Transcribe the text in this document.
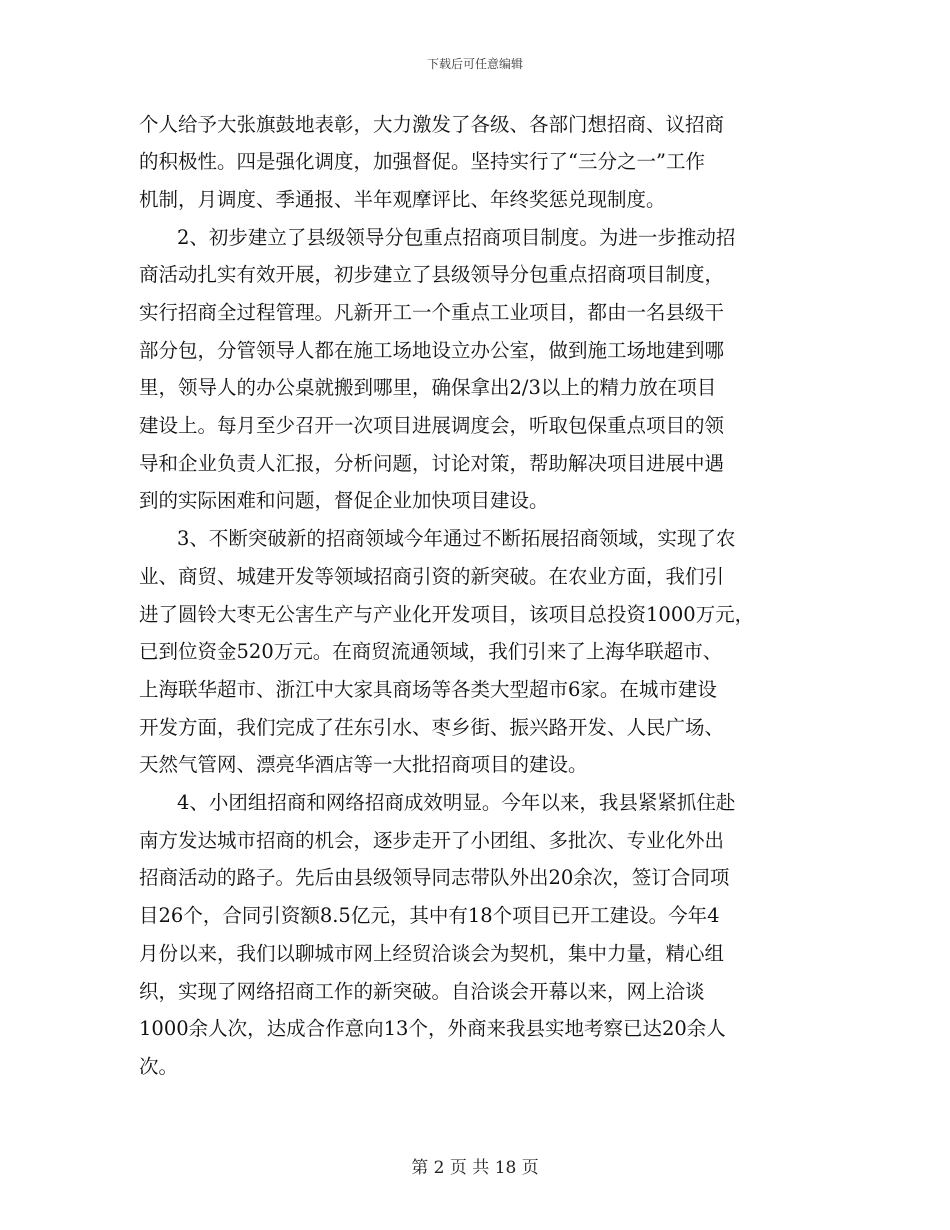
下载后可任意编辑
个人给予大张旗鼓地表彰，大力激发了各级、各部门想招商、议招商
的积极性。四是强化调度，加强督促。坚持实行了“三分之一”工作
机制，月调度、季通报、半年观摩评比、年终奖惩兑现制度。
2、初步建立了县级领导分包重点招商项目制度。为进一步推动招
商活动扎实有效开展，初步建立了县级领导分包重点招商项目制度，
实行招商全过程管理。凡新开工一个重点工业项目，都由一名县级干
部分包，分管领导人都在施工场地设立办公室，做到施工场地建到哪
里，领导人的办公桌就搬到哪里，确保拿出2/3以上的精力放在项目
建设上。每月至少召开一次项目进展调度会，听取包保重点项目的领
导和企业负责人汇报，分析问题，讨论对策，帮助解决项目进展中遇
到的实际困难和问题，督促企业加快项目建设。
3、不断突破新的招商领域今年通过不断拓展招商领域，实现了农
业、商贸、城建开发等领域招商引资的新突破。在农业方面，我们引
进了圆铃大枣无公害生产与产业化开发项目，该项目总投资1000万元，
已到位资金520万元。在商贸流通领域，我们引来了上海华联超市、
上海联华超市、浙江中大家具商场等各类大型超市6家。在城市建设
开发方面，我们完成了茌东引水、枣乡街、振兴路开发、人民广场、
天然气管网、漂亮华酒店等一大批招商项目的建设。
4、小团组招商和网络招商成效明显。今年以来，我县紧紧抓住赴
南方发达城市招商的机会，逐步走开了小团组、多批次、专业化外出
招商活动的路子。先后由县级领导同志带队外出20余次，签订合同项
目26个，合同引资额8.5亿元，其中有18个项目已开工建设。今年4
月份以来，我们以聊城市网上经贸洽谈会为契机，集中力量，精心组
织，实现了网络招商工作的新突破。自洽谈会开幕以来，网上洽谈
1000余人次，达成合作意向13个，外商来我县实地考察已达20余人
次。
第 2 页 共 18 页
